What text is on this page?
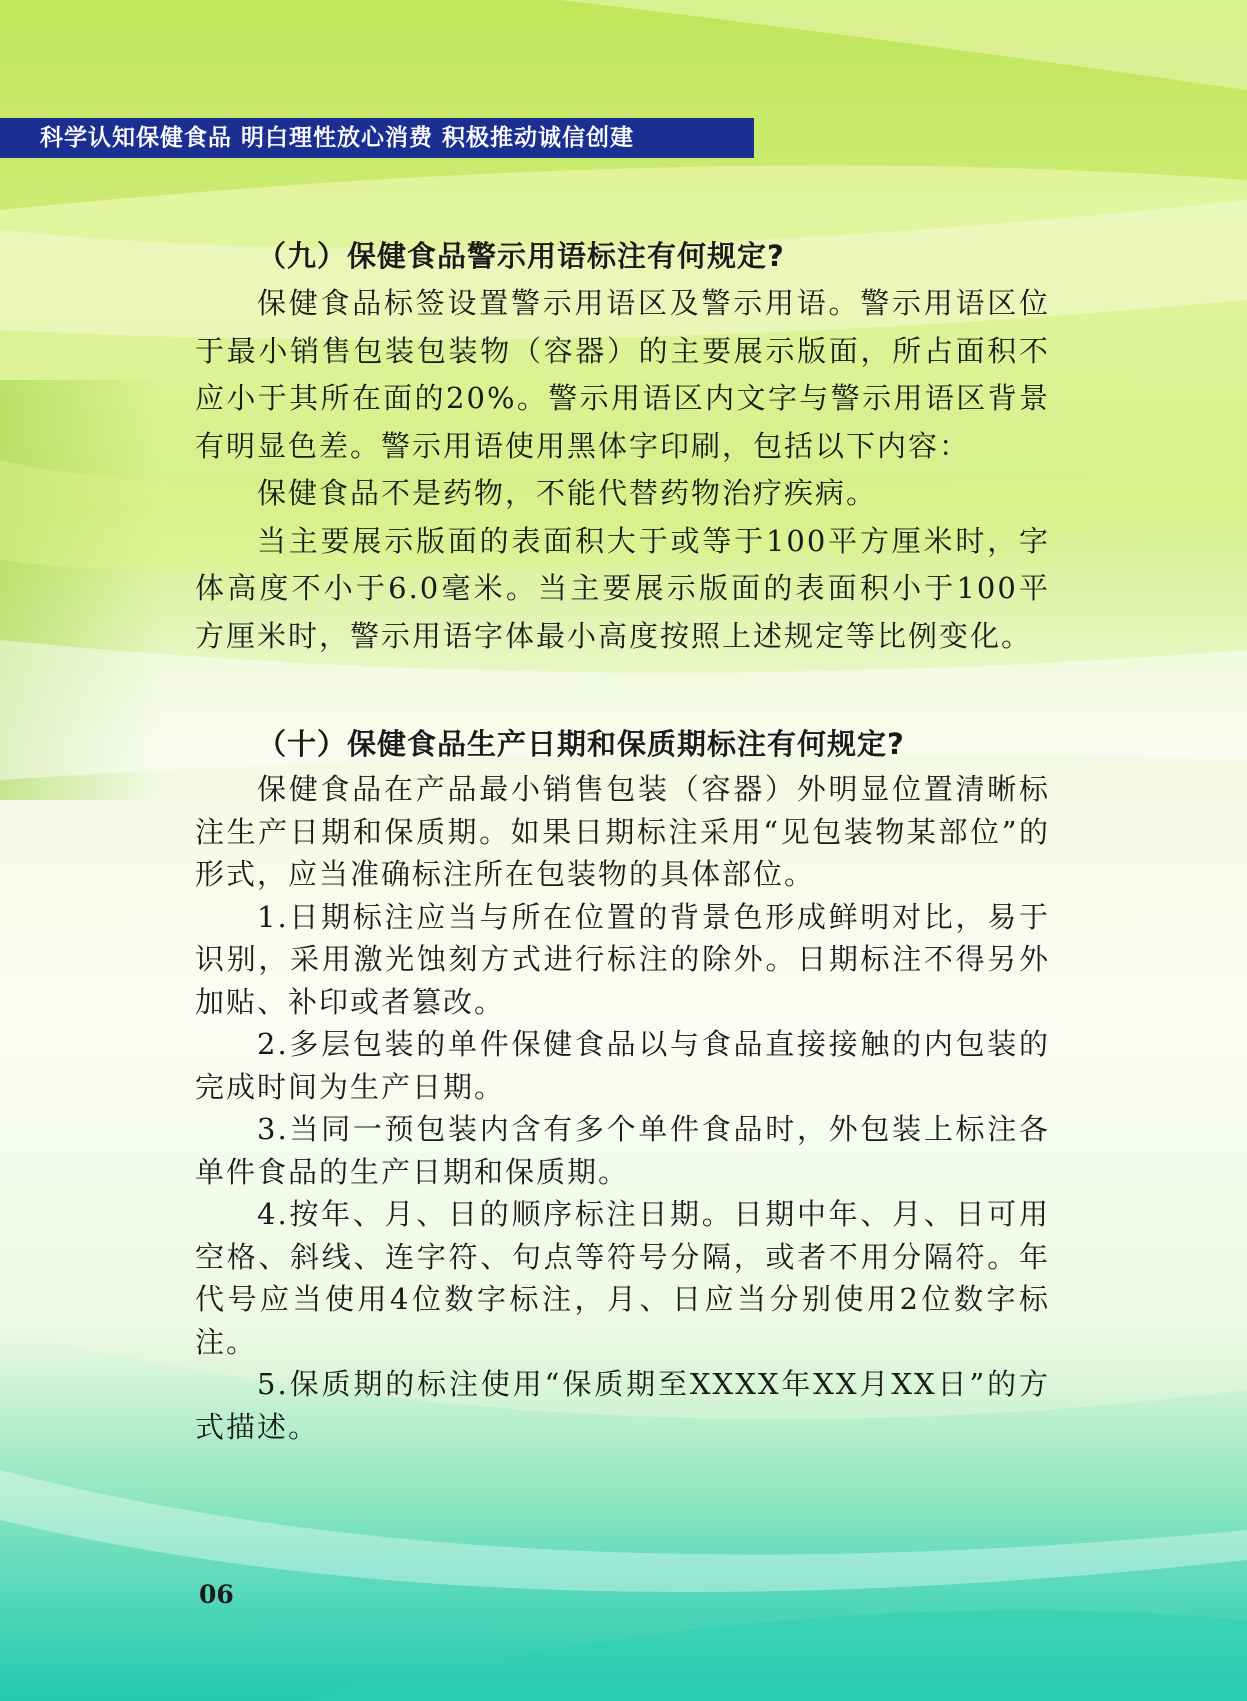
科学认知保健食品 明白理性放心消费 积极推动诚信创建
（九）保健食品警示用语标注有何规定?

保健食品标签设置警示用语区及警示用语。警示用语区位于最小销售包装包装物（容器）的主要展示版面，所占面积不应小于其所在面的20%。警示用语区内文字与警示用语区背景有明显色差。警示用语使用黑体字印刷，包括以下内容：

保健食品不是药物，不能代替药物治疗疾病。

当主要展示版面的表面积大于或等于100平方厘米时，字体高度不小于6.0毫米。当主要展示版面的表面积小于100平方厘米时，警示用语字体最小高度按照上述规定等比例变化。

（十）保健食品生产日期和保质期标注有何规定?

保健食品在产品最小销售包装（容器）外明显位置清晰标注生产日期和保质期。如果日期标注采用“见包装物某部位”的形式，应当准确标注所在包装物的具体部位。

1.日期标注应当与所在位置的背景色形成鲜明对比，易于识别，采用激光蚀刻方式进行标注的除外。日期标注不得另外加贴、补印或者篡改。

2.多层包装的单件保健食品以与食品直接接触的内包装的完成时间为生产日期。

3.当同一预包装内含有多个单件食品时，外包装上标注各单件食品的生产日期和保质期。

4.按年、月、日的顺序标注日期。日期中年、月、日可用空格、斜线、连字符、句点等符号分隔，或者不用分隔符。年代号应当使用4位数字标注，月、日应当分别使用2位数字标注。

5.保质期的标注使用“保质期至XXXX年XX月XX日”的方式描述。

06
